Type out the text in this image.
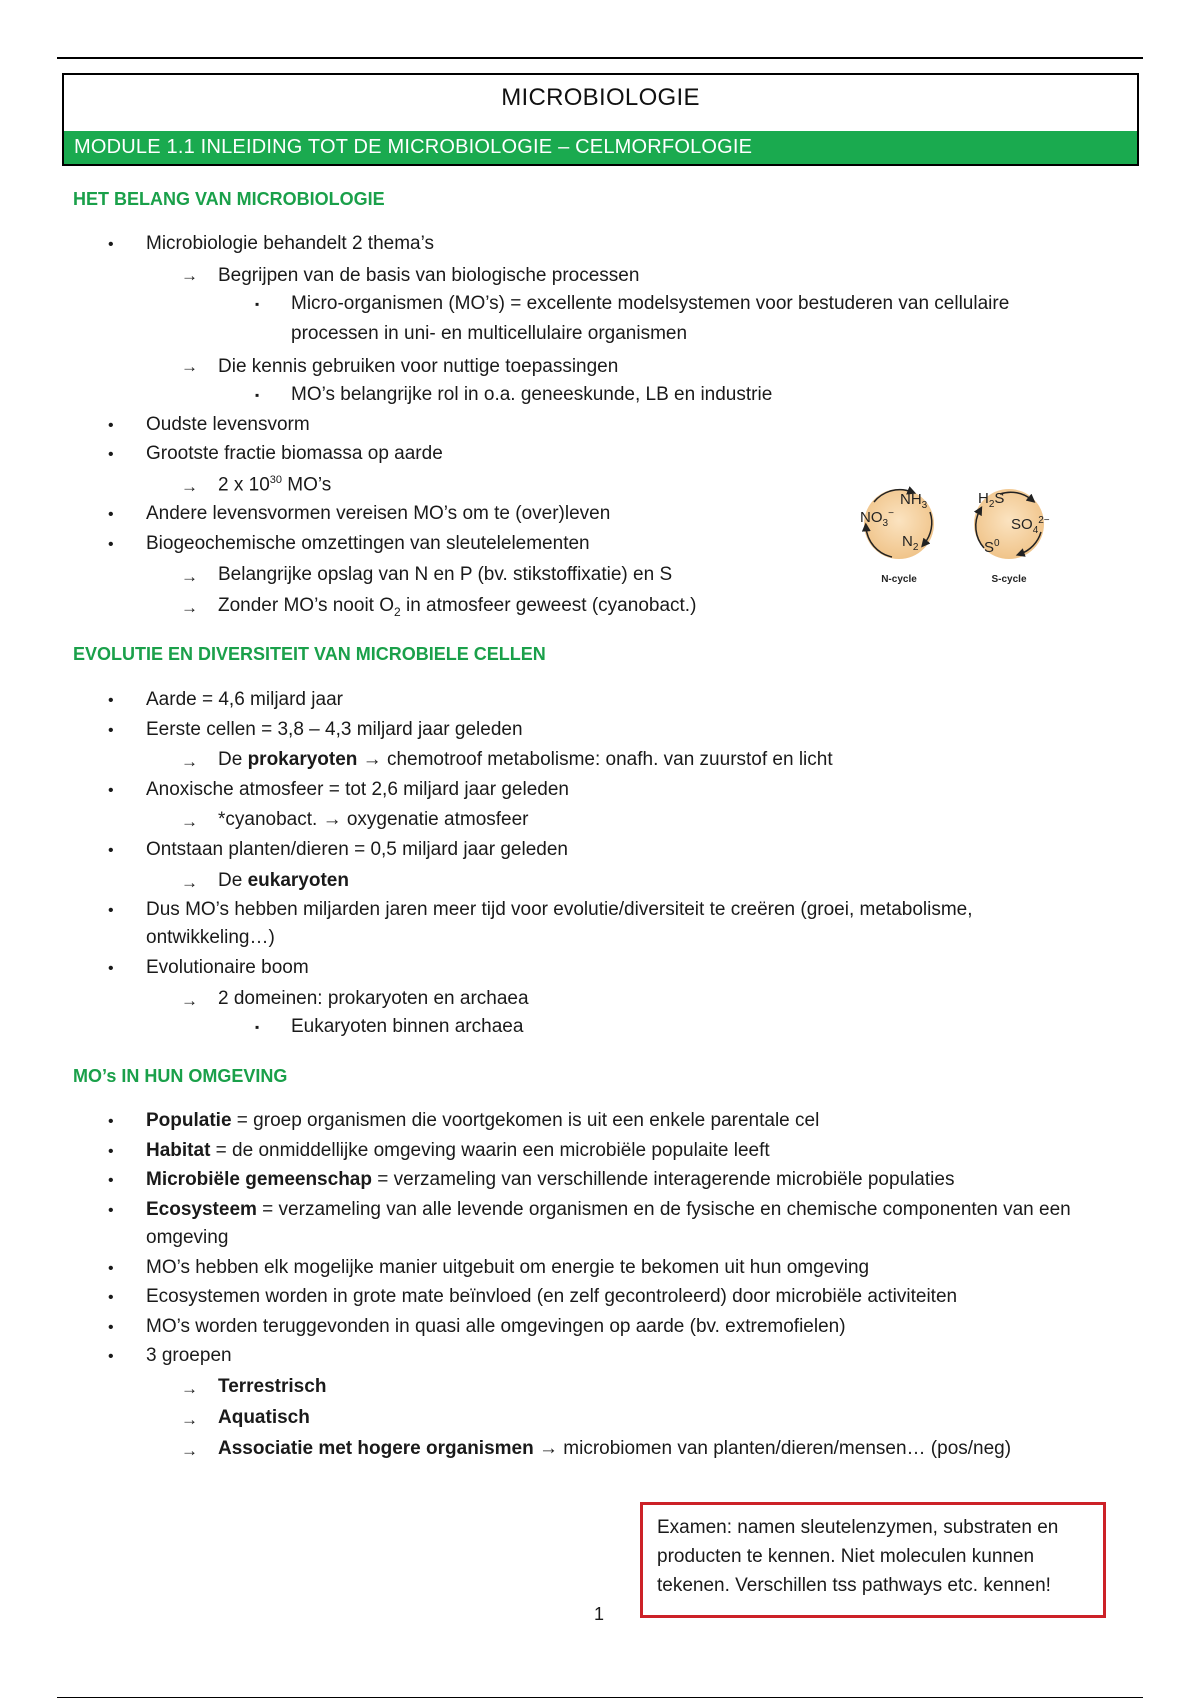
MICROBIOLOGIE
MODULE 1.1 INLEIDING TOT DE MICROBIOLOGIE – CELMORFOLOGIE
HET BELANG VAN MICROBIOLOGIE
• Microbiologie behandelt 2 thema’s
→ Begrijpen van de basis van biologische processen
▪ Micro-organismen (MO’s) = excellente modelsystemen voor bestuderen van cellulaire
processen in uni- en multicellulaire organismen
→ Die kennis gebruiken voor nuttige toepassingen
▪ MO’s belangrijke rol in o.a. geneeskunde, LB en industrie
• Oudste levensvorm
• Grootste fractie biomassa op aarde
→ 2 x $10^{30}$ MO’s
• Andere levensvormen vereisen MO’s om te (over)leven
• Biogeochemische omzettingen van sleutelelementen
→ Belangrijke opslag van N en P (bv. stikstoffixatie) en S
→ Zonder MO’s nooit $O_2$ in atmosfeer geweest (cyanobact.)
$NH_3$
$NO_3^-$
$N_2$
N-cycle
$H_2S$
$SO_4^{2-}$
$S^0$
S-cycle
EVOLUTIE EN DIVERSITEIT VAN MICROBIELE CELLEN
• Aarde = 4,6 miljard jaar
• Eerste cellen = 3,8 – 4,3 miljard jaar geleden
→ De prokaryoten → chemotroof metabolisme: onafh. van zuurstof en licht
• Anoxische atmosfeer = tot 2,6 miljard jaar geleden
→ *cyanobact. → oxygenatie atmosfeer
• Ontstaan planten/dieren = 0,5 miljard jaar geleden
→ De eukaryoten
• Dus MO’s hebben miljarden jaren meer tijd voor evolutie/diversiteit te creëren (groei, metabolisme,
ontwikkeling…)
• Evolutionaire boom
→ 2 domeinen: prokaryoten en archaea
▪ Eukaryoten binnen archaea
MO’s IN HUN OMGEVING
• Populatie = groep organismen die voortgekomen is uit een enkele parentale cel
• Habitat = de onmiddellijke omgeving waarin een microbiële populaite leeft
• Microbiële gemeenschap = verzameling van verschillende interagerende microbiële populaties
• Ecosysteem = verzameling van alle levende organismen en de fysische en chemische componenten van een
omgeving
• MO’s hebben elk mogelijke manier uitgebuit om energie te bekomen uit hun omgeving
• Ecosystemen worden in grote mate beïnvloed (en zelf gecontroleerd) door microbiële activiteiten
• MO’s worden teruggevonden in quasi alle omgevingen op aarde (bv. extremofielen)
• 3 groepen
→ Terrestrisch
→ Aquatisch
→ Associatie met hogere organismen → microbiomen van planten/dieren/mensen… (pos/neg)
Examen: namen sleutelenzymen, substraten en
producten te kennen. Niet moleculen kunnen
tekenen. Verschillen tss pathways etc. kennen!
1
